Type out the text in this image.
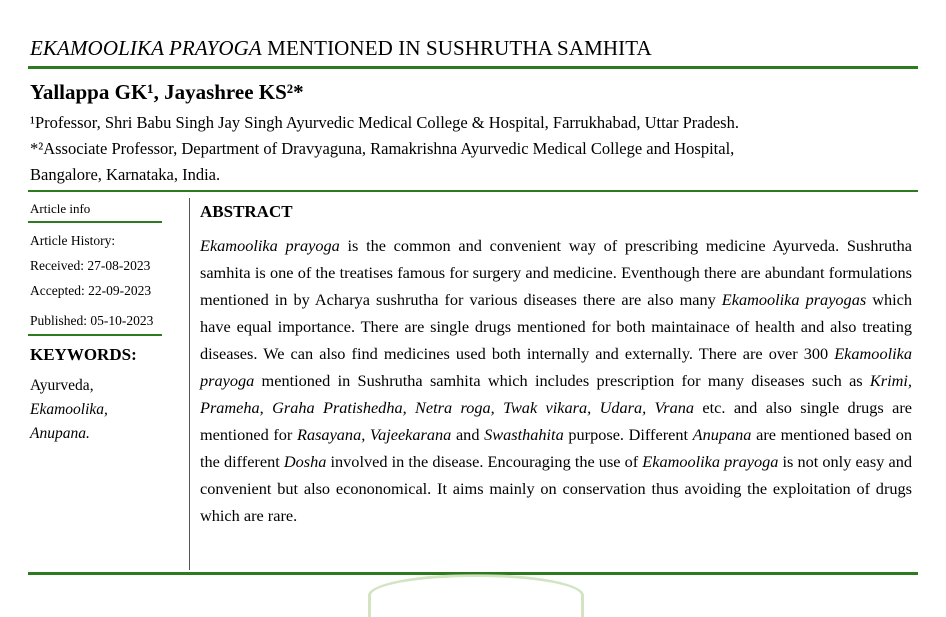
EKAMOOLIKA PRAYOGA MENTIONED IN SUSHRUTHA SAMHITA
Yallappa GK¹, Jayashree KS²*
¹Professor, Shri Babu Singh Jay Singh Ayurvedic Medical College & Hospital, Farrukhabad, Uttar Pradesh.
*²Associate Professor, Department of Dravyaguna, Ramakrishna Ayurvedic Medical College and Hospital,
Bangalore, Karnataka, India.
Article info
Article History:
Received: 27-08-2023
Accepted: 22-09-2023
Published: 05-10-2023
KEYWORDS:
Ayurveda,
Ekamoolika,
Anupana.
ABSTRACT
Ekamoolika prayoga is the common and convenient way of prescribing medicine Ayurveda. Sushrutha samhita is one of the treatises famous for surgery and medicine. Eventhough there are abundant formulations mentioned in by Acharya sushrutha for various diseases there are also many Ekamoolika prayogas which have equal importance. There are single drugs mentioned for both maintainace of health and also treating diseases. We can also find medicines used both internally and externally. There are over 300 Ekamoolika prayoga mentioned in Sushrutha samhita which includes prescription for many diseases such as Krimi, Prameha, Graha Pratishedha, Netra roga, Twak vikara, Udara, Vrana etc. and also single drugs are mentioned for Rasayana, Vajeekarana and Swasthahita purpose. Different Anupana are mentioned based on the different Dosha involved in the disease. Encouraging the use of Ekamoolika prayoga is not only easy and convenient but also econonomical. It aims mainly on conservation thus avoiding the exploitation of drugs which are rare.
